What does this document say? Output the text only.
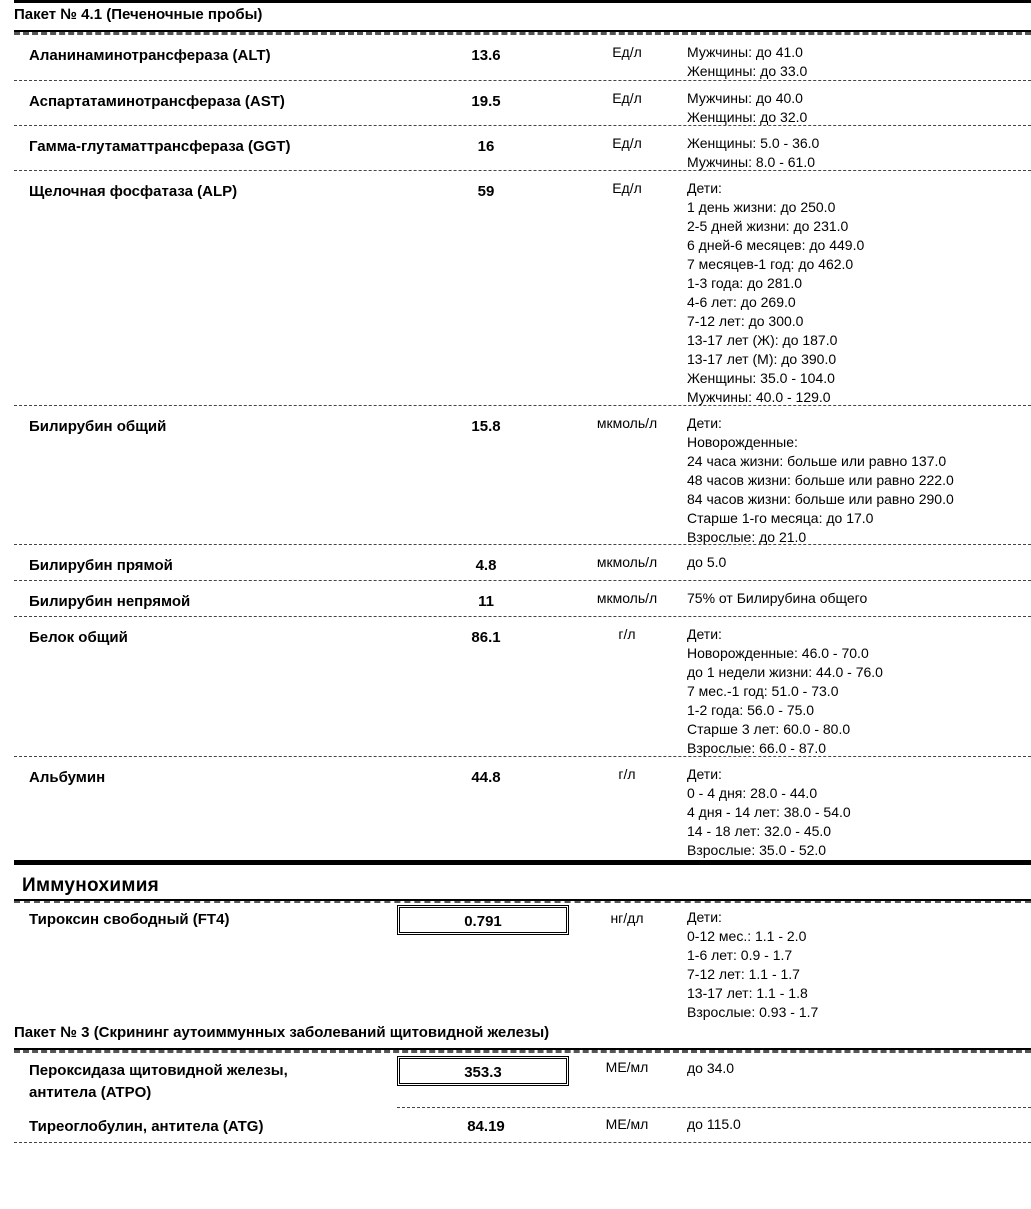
Пакет № 4.1 (Печеночные пробы)
Аланинаминотрансфераза (ALT)	13.6	Ед/л	Мужчины: до 41.0
Женщины: до 33.0
Аспартатаминотрансфераза (AST)	19.5	Ед/л	Мужчины: до 40.0
Женщины: до 32.0
Гамма-глутаматтрансфераза (GGT)	16	Ед/л	Женщины: 5.0 - 36.0
Мужчины: 8.0 - 61.0
Щелочная фосфатаза (ALP)	59	Ед/л	Дети:
1 день жизни: до 250.0
2-5 дней жизни: до 231.0
6 дней-6 месяцев: до 449.0
7 месяцев-1 год: до 462.0
1-3 года: до 281.0
4-6 лет: до 269.0
7-12 лет: до 300.0
13-17 лет (Ж): до 187.0
13-17 лет (М): до 390.0
Женщины: 35.0 - 104.0
Мужчины: 40.0 - 129.0
Билирубин общий	15.8	мкмоль/л	Дети:
Новорожденные:
24 часа жизни: больше или равно 137.0
48 часов жизни: больше или равно 222.0
84 часов жизни: больше или равно 290.0
Старше 1-го месяца: до 17.0
Взрослые: до 21.0
Билирубин прямой	4.8	мкмоль/л	до 5.0
Билирубин непрямой	11	мкмоль/л	75% от Билирубина общего
Белок общий	86.1	г/л	Дети:
Новорожденные: 46.0 - 70.0
до 1 недели жизни: 44.0 - 76.0
7 мес.-1 год: 51.0 - 73.0
1-2 года: 56.0 - 75.0
Старше 3 лет: 60.0 - 80.0
Взрослые: 66.0 - 87.0
Альбумин	44.8	г/л	Дети:
0 - 4 дня: 28.0 - 44.0
4 дня - 14 лет: 38.0 - 54.0
14 - 18 лет: 32.0 - 45.0
Взрослые: 35.0 - 52.0
Иммунохимия
Тироксин свободный (FT4)	0.791	нг/дл	Дети:
0-12 мес.: 1.1 - 2.0
1-6 лет: 0.9 - 1.7
7-12 лет: 1.1 - 1.7
13-17 лет: 1.1 - 1.8
Взрослые: 0.93 - 1.7
Пакет № 3 (Скрининг аутоиммунных заболеваний щитовидной железы)
Пероксидаза щитовидной железы,
антитела (ATPO)
353.3	МЕ/мл	до 34.0
Тиреоглобулин, антитела (ATG)	84.19	МЕ/мл	до 115.0
